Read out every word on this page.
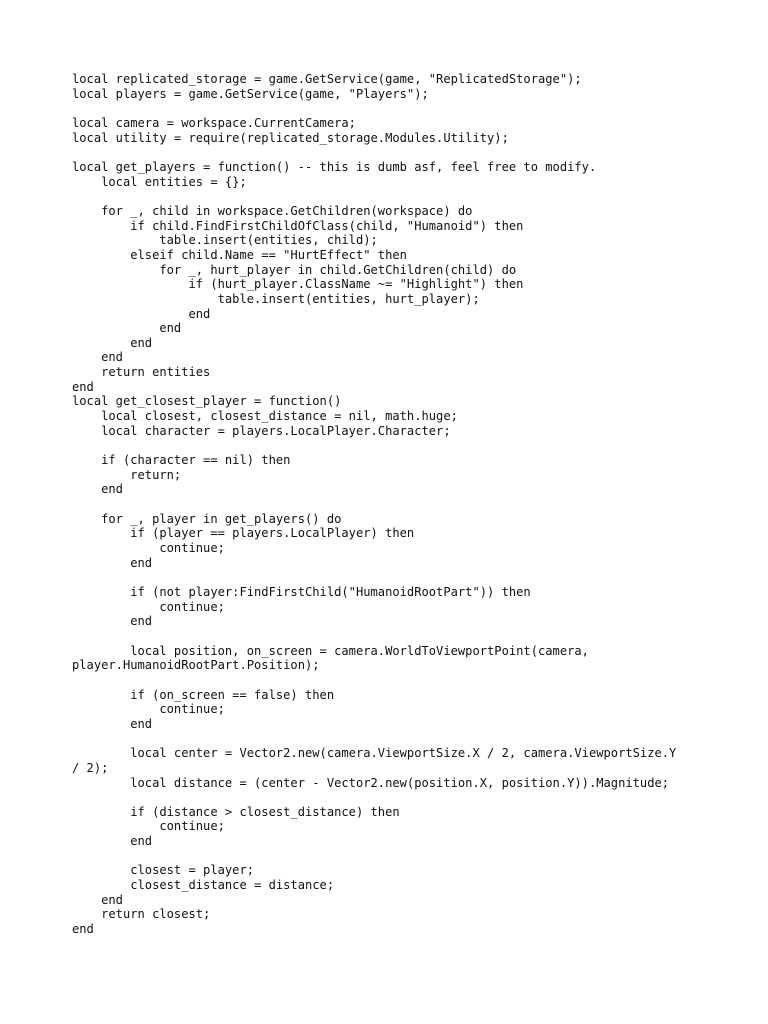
local replicated_storage = game.GetService(game, "ReplicatedStorage");
local players = game.GetService(game, "Players");
local camera = workspace.CurrentCamera;
local utility = require(replicated_storage.Modules.Utility);
local get_players = function() -- this is dumb asf, feel free to modify.
local entities = {};
for _, child in workspace.GetChildren(workspace) do
if child.FindFirstChildOfClass(child, "Humanoid") then
table.insert(entities, child);
elseif child.Name == "HurtEffect" then
for _, hurt_player in child.GetChildren(child) do
if (hurt_player.ClassName ~= "Highlight") then
table.insert(entities, hurt_player);
end
end
end
end
return entities
end
local get_closest_player = function()
local closest, closest_distance = nil, math.huge;
local character = players.LocalPlayer.Character;
if (character == nil) then
return;
end
for _, player in get_players() do
if (player == players.LocalPlayer) then
continue;
end
if (not player:FindFirstChild("HumanoidRootPart")) then
continue;
end
local position, on_screen = camera.WorldToViewportPoint(camera,
player.HumanoidRootPart.Position);
if (on_screen == false) then
continue;
end
local center = Vector2.new(camera.ViewportSize.X / 2, camera.ViewportSize.Y
/ 2);
local distance = (center - Vector2.new(position.X, position.Y)).Magnitude;
if (distance > closest_distance) then
continue;
end
closest = player;
closest_distance = distance;
end
return closest;
end
